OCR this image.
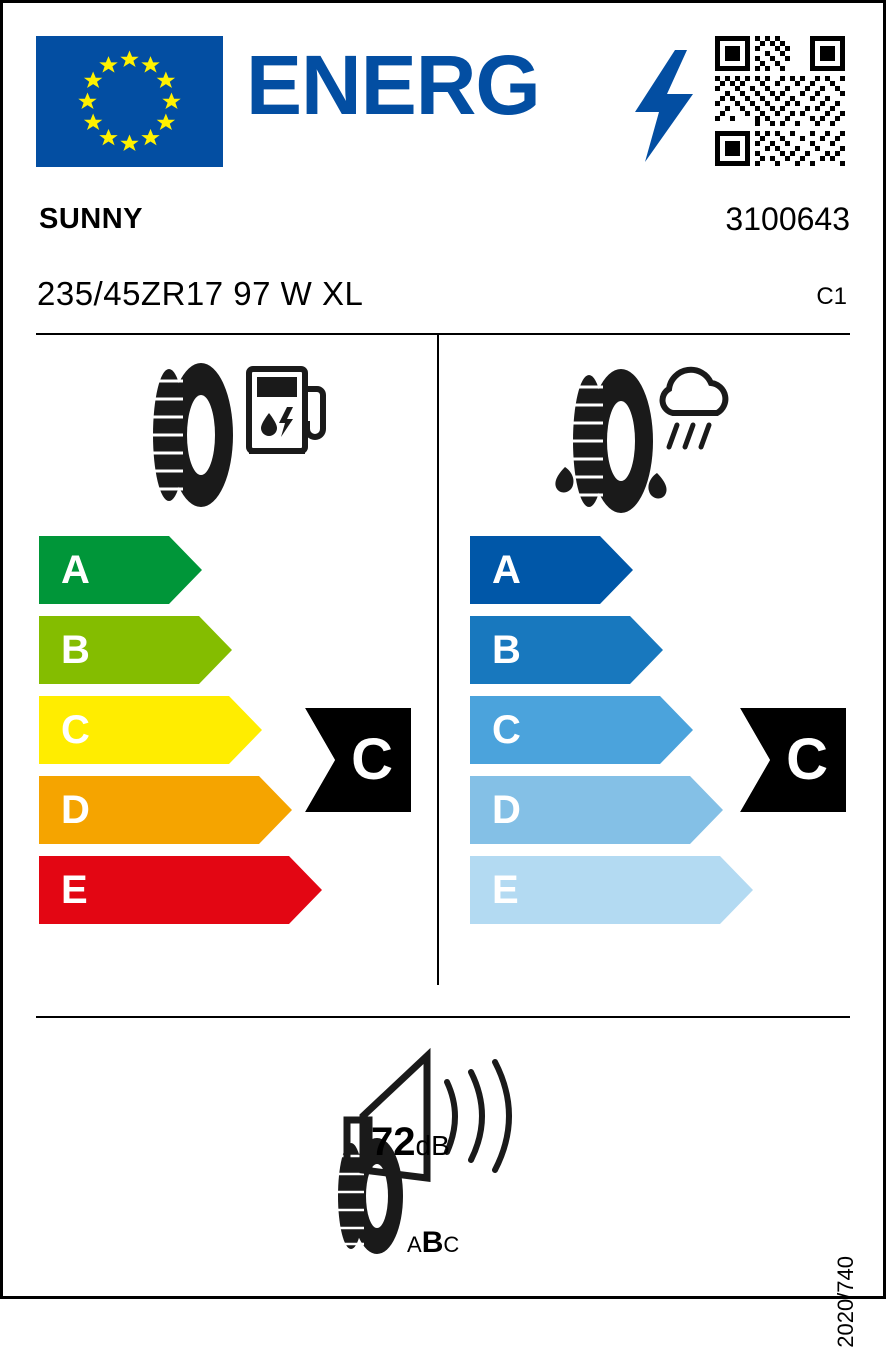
ENERG
SUNNY	3100643
235/45ZR17 97 W XL	C1
A
B
C
D
E
C
A
B
C
D
E
C
72dB
ABC
2020/740
